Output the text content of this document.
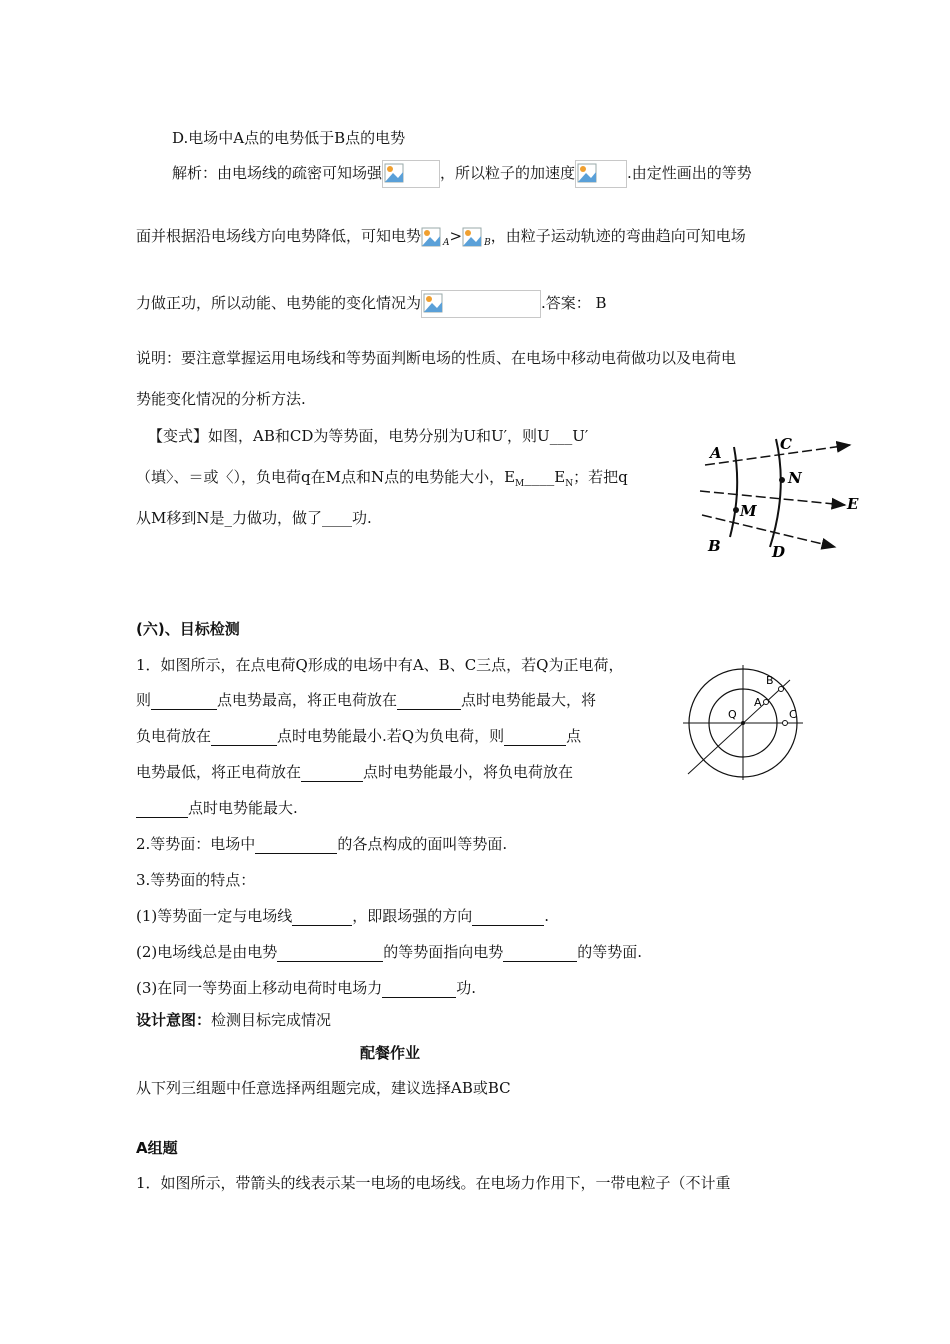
D.电场中A点的电势低于B点的电势
解析：由电场线的疏密可知场强	，所以粒子的加速度	.由定性画出的等势
面并根据沿电场线方向电势降低，可知电势 $_A$> $_B$，由粒子运动轨迹的弯曲趋向可知电场
力做正功，所以动能、电势能的变化情况为	.答案： B
说明：要注意掌握运用电场线和等势面判断电场的性质、在电场中移动电荷做功以及电荷电
势能变化情况的分析方法.
【变式】如图，AB和CD为等势面，电势分别为U和U′，则U___U′
（填〉、＝或〈），负电荷q在M点和N点的电势能大小，$E_M\_\_\_\_E_N$；若把q
从M移到N是_力做功，做了____功.
A
B
C
D
N
M	E
(六)、目标检测
1．如图所示，在点电荷Q形成的电场中有A、B、C三点，若Q为正电荷，
则	点电势最高，将正电荷放在	点时电势能最大，将
负电荷放在	点时电势能最小.若Q为负电荷，则	点
电势最低，将正电荷放在	点时电势能最小，将负电荷放在
点时电势能最大.
Q
A
B
C
2.等势面：电场中	的各点构成的面叫等势面.
3.等势面的特点：
(1)等势面一定与电场线	，即跟场强的方向	.
(2)电场线总是由电势	的等势面指向电势	的等势面.
(3)在同一等势面上移动电荷时电场力	功.
设计意图：检测目标完成情况
配餐作业
从下列三组题中任意选择两组题完成，建议选择AB或BC
A组题
1．如图所示，带箭头的线表示某一电场的电场线。在电场力作用下，一带电粒子（不计重
